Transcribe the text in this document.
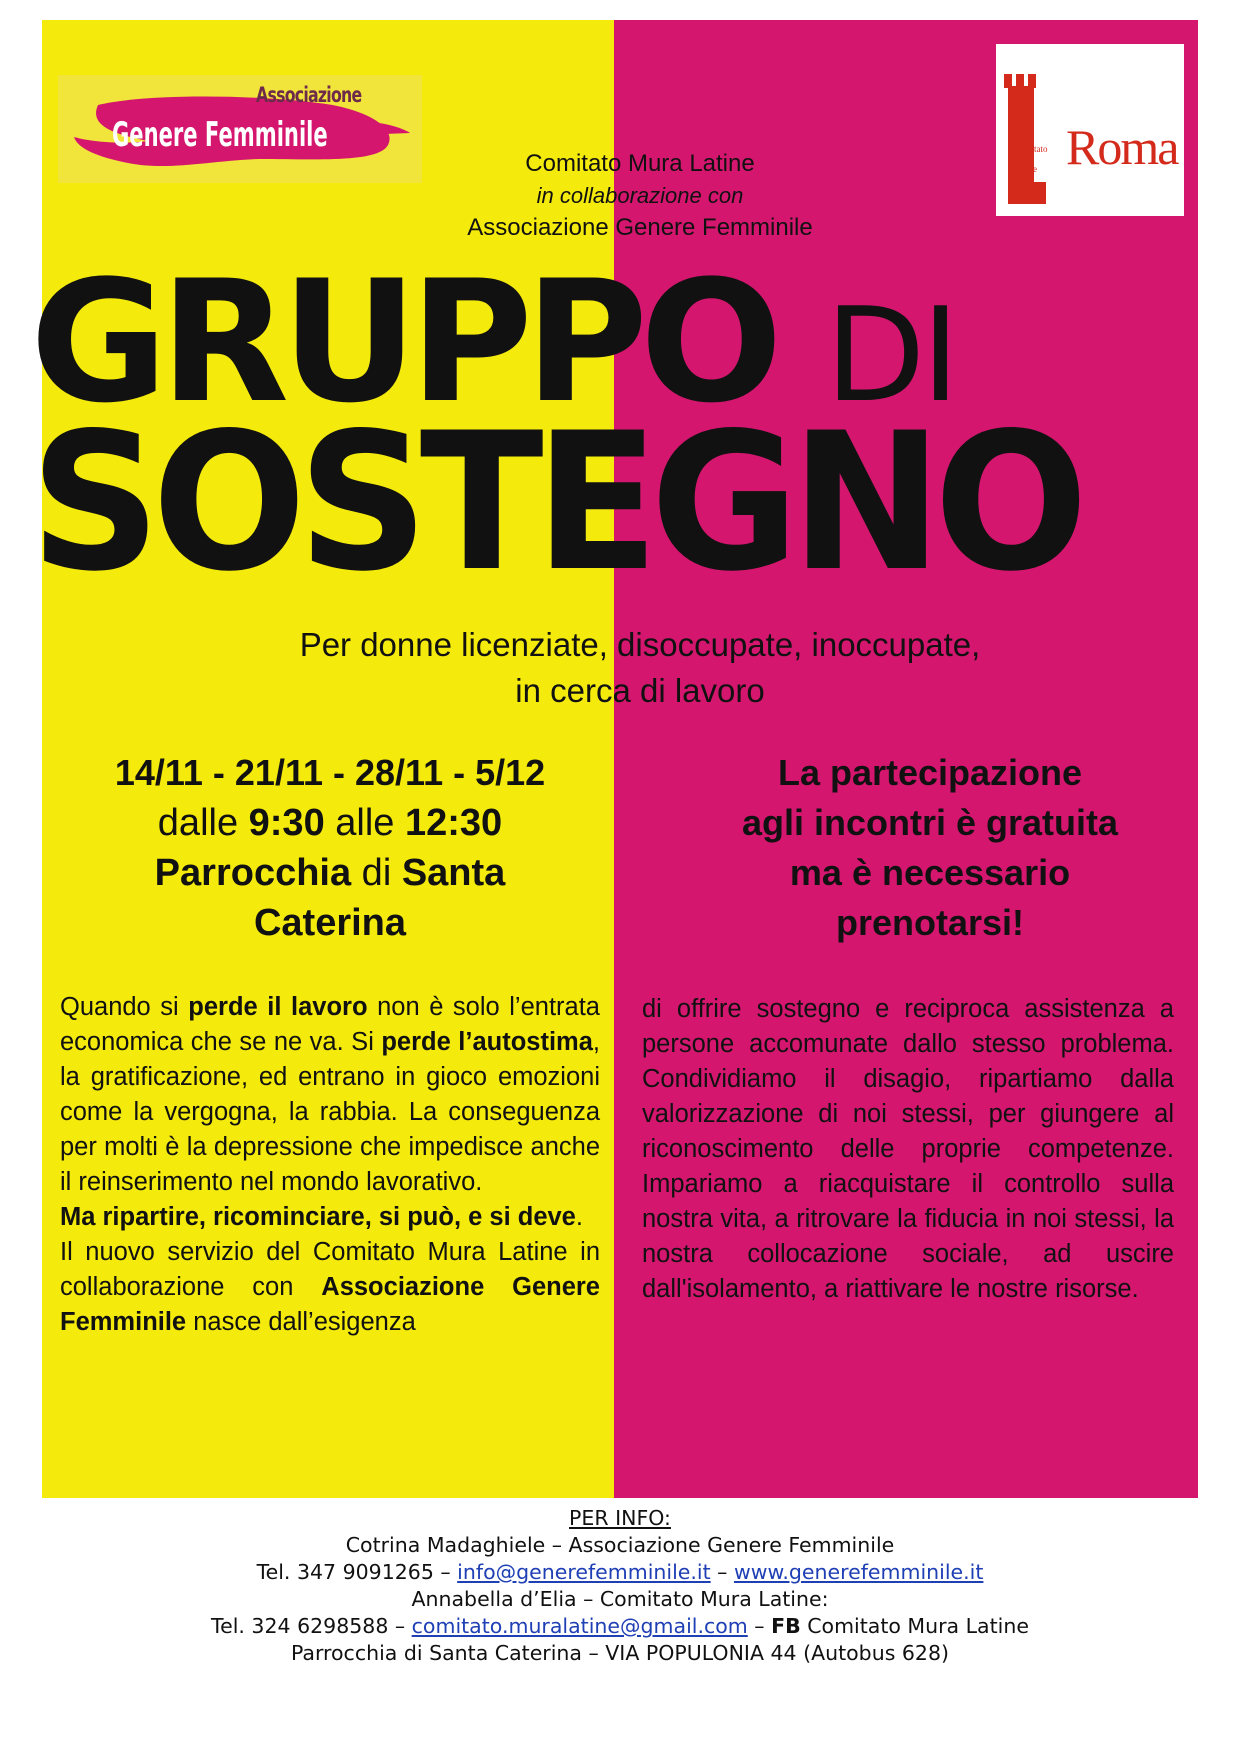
Associazione
Genere Femminile	Comitato
Mura
Latine Roma
Comitato Mura Latine
in collaborazione con
Associazione Genere Femminile
GRUPPO DI
SOSTEGNO
Per donne licenziate, disoccupate, inoccupate,
in cerca di lavoro
14/11 - 21/11 - 28/11 - 5/12
dalle 9:30 alle 12:30
Parrocchia di Santa
Caterina
La partecipazione
agli incontri è gratuita
ma è necessario
prenotarsi!

Quando si perde il lavoro non è solo l’entrata economica che se ne va. Si perde l’autostima, la gratificazione, ed entrano in gioco emozioni come la vergogna, la rabbia. La conseguenza per molti è la depressione che impedisce anche il reinserimento nel mondo lavorativo.

Ma ripartire, ricominciare, si può, e si deve.

Il nuovo servizio del Comitato Mura Latine in collaborazione con Associazione Genere Femminile nasce dall’esigenza

di offrire sostegno e reciproca assistenza a persone accomunate dallo stesso problema. Condividiamo il disagio, ripartiamo dalla valorizzazione di noi stessi, per giungere al riconoscimento delle proprie competenze. Impariamo a riacquistare il controllo sulla nostra vita, a ritrovare la fiducia in noi stessi, la nostra collocazione sociale, ad uscire dall'isolamento, a riattivare le nostre risorse.

PER INFO:
Cotrina Madaghiele – Associazione Genere Femminile
Tel. 347 9091265 – info@generefemminile.it – www.generefemminile.it
Annabella d’Elia – Comitato Mura Latine:
Tel. 324 6298588 – comitato.muralatine@gmail.com – FB Comitato Mura Latine
Parrocchia di Santa Caterina – VIA POPULONIA 44 (Autobus 628)
